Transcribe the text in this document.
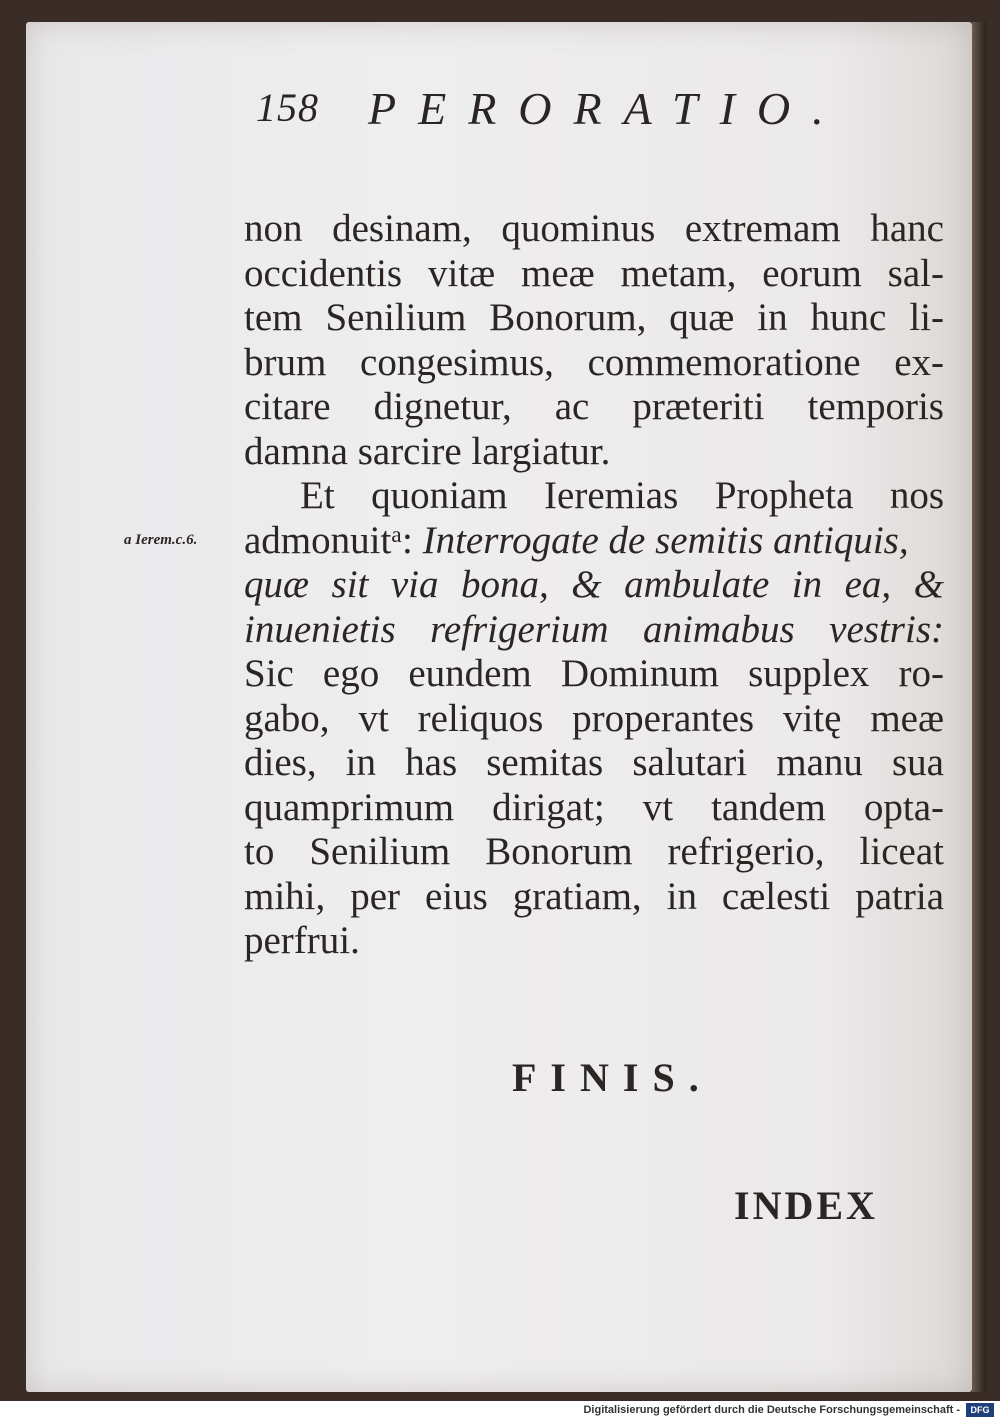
158 PERORATIO.
non desinam, quominus extremam hanc
occidentis vitæ meæ metam, eorum sal-
tem Senilium Bonorum, quæ in hunc li-
brum congesimus, commemoratione ex-
citare dignetur, ac præteriti temporis
damna sarcire largiatur.
Et quoniam Ieremias Propheta nos
admonuitᵃ: Interrogate de semitis antiquis,
quæ sit via bona, & ambulate in ea, &
inuenietis refrigerium animabus vestris:
Sic ego eundem Dominum supplex ro-
gabo, vt reliquos properantes vitę meæ
dies, in has semitas salutari manu sua
quamprimum dirigat; vt tandem opta-
to Senilium Bonorum refrigerio, liceat
mihi, per eius gratiam, in cælesti patria
perfrui.
a Ierem.c.6.
FINIS.
INDEX
Digitalisierung gefördert durch die Deutsche Forschungsgemeinschaft -	DFG
